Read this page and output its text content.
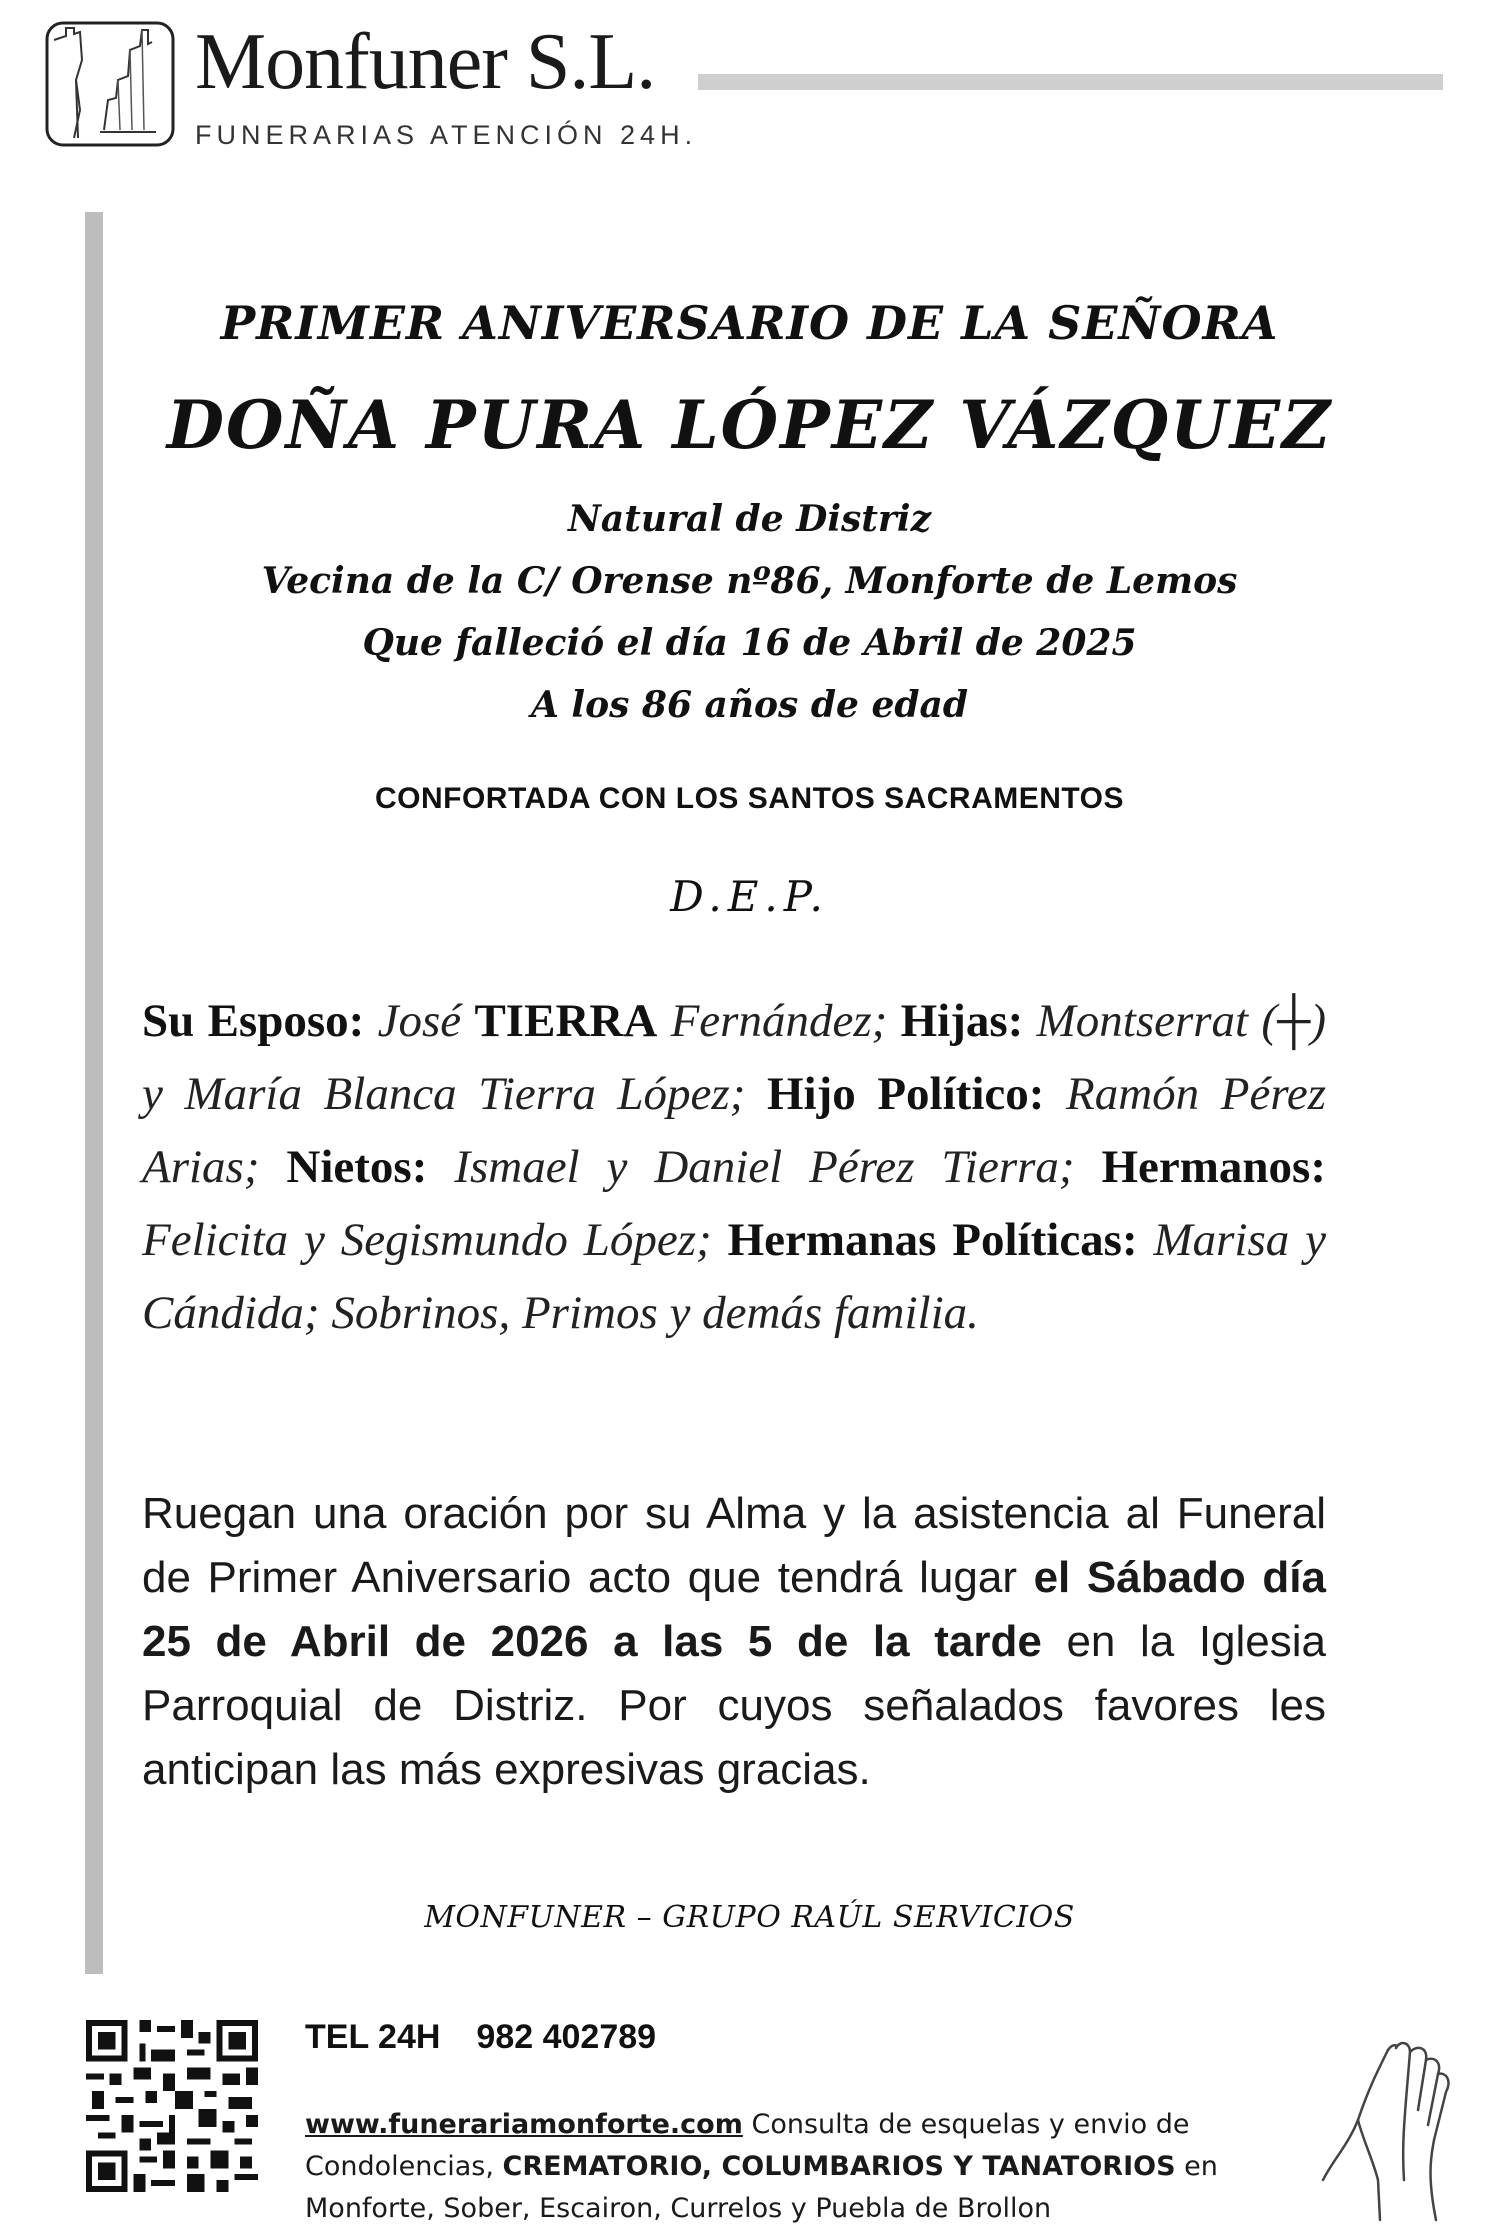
Monfuner S.L.
FUNERARIAS ATENCIÓN 24H.
PRIMER ANIVERSARIO DE LA SEÑORA
DOÑA PURA LÓPEZ VÁZQUEZ
Natural de Distriz
Vecina de la C/ Orense nº86, Monforte de Lemos
Que falleció el día 16 de Abril de 2025
A los 86 años de edad
CONFORTADA CON LOS SANTOS SACRAMENTOS
D.E.P.
Su Esposo: José TIERRA Fernández; Hijas: Montserrat (┼) y María Blanca Tierra López; Hijo Político: Ramón Pérez Arias; Nietos: Ismael y Daniel Pérez Tierra; Hermanos: Felicita y Segismundo López; Hermanas Políticas: Marisa y Cándida; Sobrinos, Primos y demás familia.
Ruegan una oración por su Alma y la asistencia al Funeral de Primer Aniversario acto que tendrá lugar el Sábado día 25 de Abril de 2026 a las 5 de la tarde en la Iglesia Parroquial de Distriz. Por cuyos señalados favores les anticipan las más expresivas gracias.
MONFUNER – GRUPO RAÚL SERVICIOS
TEL 24H 982 402789
www.funerariamonforte.com Consulta de esquelas y envio de Condolencias, CREMATORIO, COLUMBARIOS Y TANATORIOS en Monforte, Sober, Escairon, Currelos y Puebla de Brollon
